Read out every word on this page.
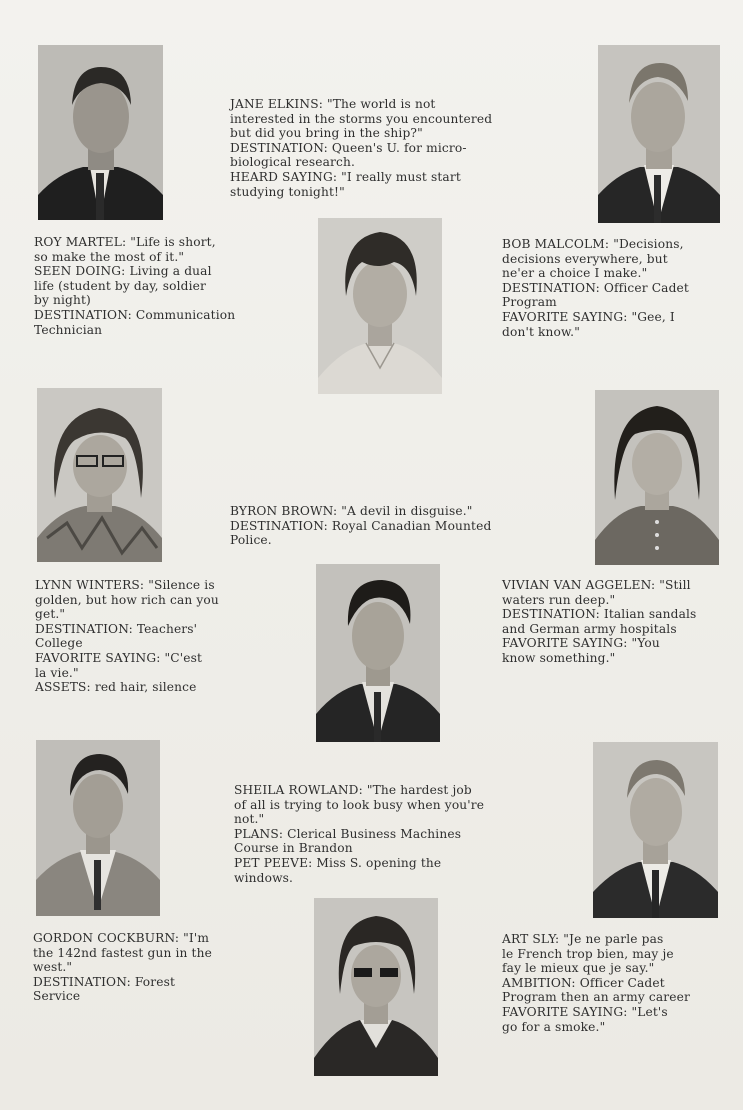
JANE ELKINS: "The world is not
interested in the storms you encountered
but did you bring in the ship?"
DESTINATION: Queen's U. for micro-
biological research.
HEARD SAYING: "I really must start
studying tonight!"
ROY MARTEL: "Life is short,
so make the most of it."
SEEN DOING: Living a dual
life (student by day, soldier
by night)
DESTINATION: Communication
Technician
BOB MALCOLM: "Decisions,
decisions everywhere, but
ne'er a choice I make."
DESTINATION: Officer Cadet
Program
FAVORITE SAYING: "Gee, I
don't know."
BYRON BROWN: "A devil in disguise."
DESTINATION: Royal Canadian Mounted
Police.
LYNN WINTERS: "Silence is
golden, but how rich can you
get."
DESTINATION: Teachers'
College
FAVORITE SAYING: "C'est
la vie."
ASSETS: red hair, silence
VIVIAN VAN AGGELEN: "Still
waters run deep."
DESTINATION: Italian sandals
and German army hospitals
FAVORITE SAYING: "You
know something."
SHEILA ROWLAND: "The hardest job
of all is trying to look busy when you're
not."
PLANS: Clerical Business Machines
Course in Brandon
PET PEEVE: Miss S. opening the
windows.
GORDON COCKBURN: "I'm
the 142nd fastest gun in the
west."
DESTINATION: Forest
Service
ART SLY: "Je ne parle pas
le French trop bien, may je
fay le mieux que je say."
AMBITION: Officer Cadet
Program then an army career
FAVORITE SAYING: "Let's
go for a smoke."
